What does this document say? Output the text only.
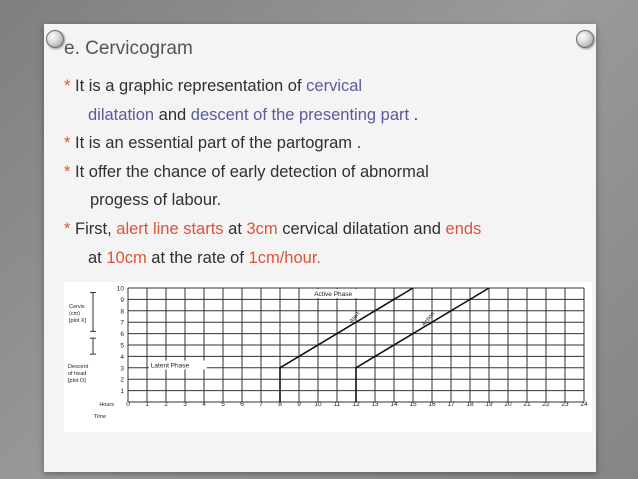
e. Cervicogram
* It is a graphic representation of cervical
dilatation and descent of the presenting part .
* It is an essential part of the partogram .
* It offer the chance of early detection of abnormal
progess of labour.
* First, alert line starts at 3cm cervical dilatation and ends
at 10cm at the rate of 1cm/hour.
1
2
3
4
5
6
7
8
9
10
0 1 2 3 4 5 6 7 8 9 10 11 12 13 14 15 16 17 18 19 20 21 22 23 24
Hours
Time
Cervix
(cm)
[plot X]
Descent
of head
[plot O]
Latent Phase
Active Phase
Alert	Action
